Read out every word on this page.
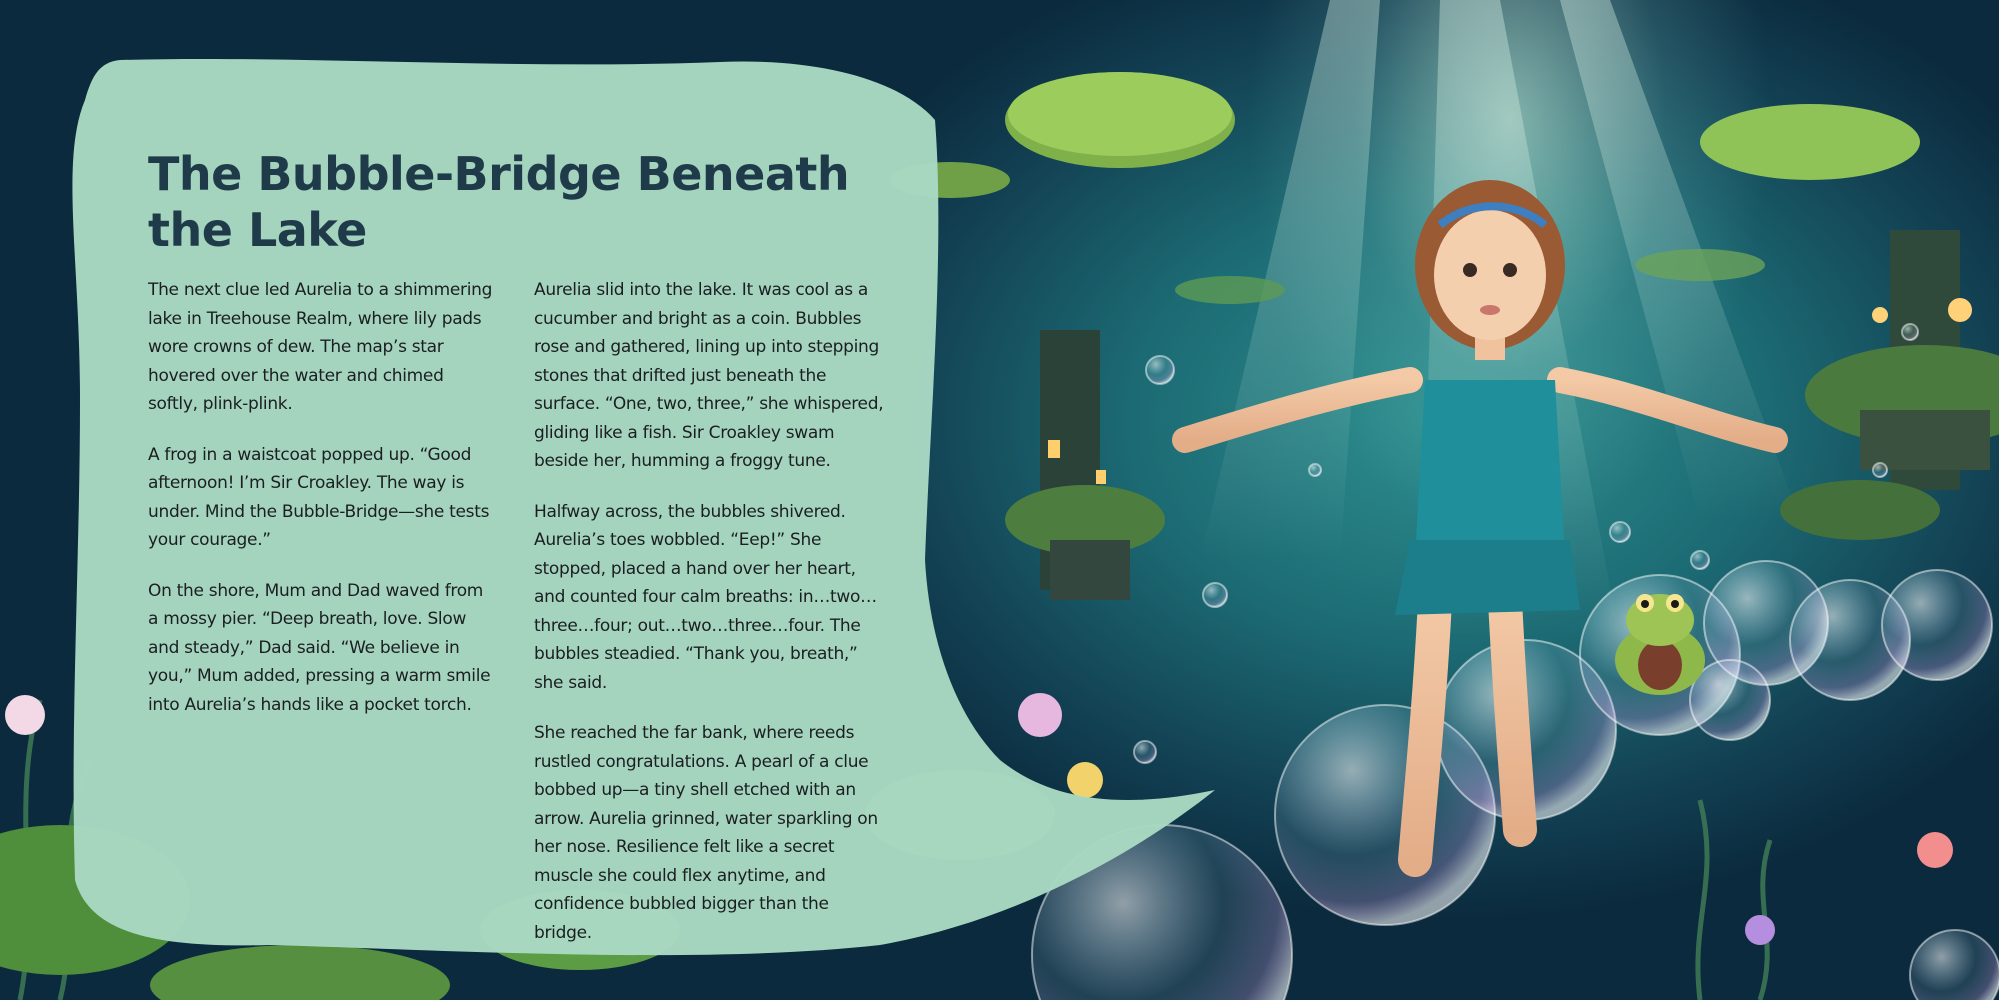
The Bubble-Bridge Beneath the Lake

The next clue led Aurelia to a shimmering lake in Treehouse Realm, where lily pads wore crowns of dew. The map’s star hovered over the water and chimed softly, plink-plink.

A frog in a waistcoat popped up. “Good afternoon! I’m Sir Croakley. The way is under. Mind the Bubble-Bridge—she tests your courage.”

On the shore, Mum and Dad waved from a mossy pier. “Deep breath, love. Slow and steady,” Dad said. “We believe in you,” Mum added, pressing a warm smile into Aurelia’s hands like a pocket torch.

Aurelia slid into the lake. It was cool as a cucumber and bright as a coin. Bubbles rose and gathered, lining up into stepping stones that drifted just beneath the surface. “One, two, three,” she whispered, gliding like a fish. Sir Croakley swam beside her, humming a froggy tune.

Halfway across, the bubbles shivered. Aurelia’s toes wobbled. “Eep!” She stopped, placed a hand over her heart, and counted four calm breaths: in…two…three…four; out…two…three…four. The bubbles steadied. “Thank you, breath,” she said.

She reached the far bank, where reeds rustled congratulations. A pearl of a clue bobbed up—a tiny shell etched with an arrow. Aurelia grinned, water sparkling on her nose. Resilience felt like a secret muscle she could flex anytime, and confidence bubbled bigger than the bridge.
